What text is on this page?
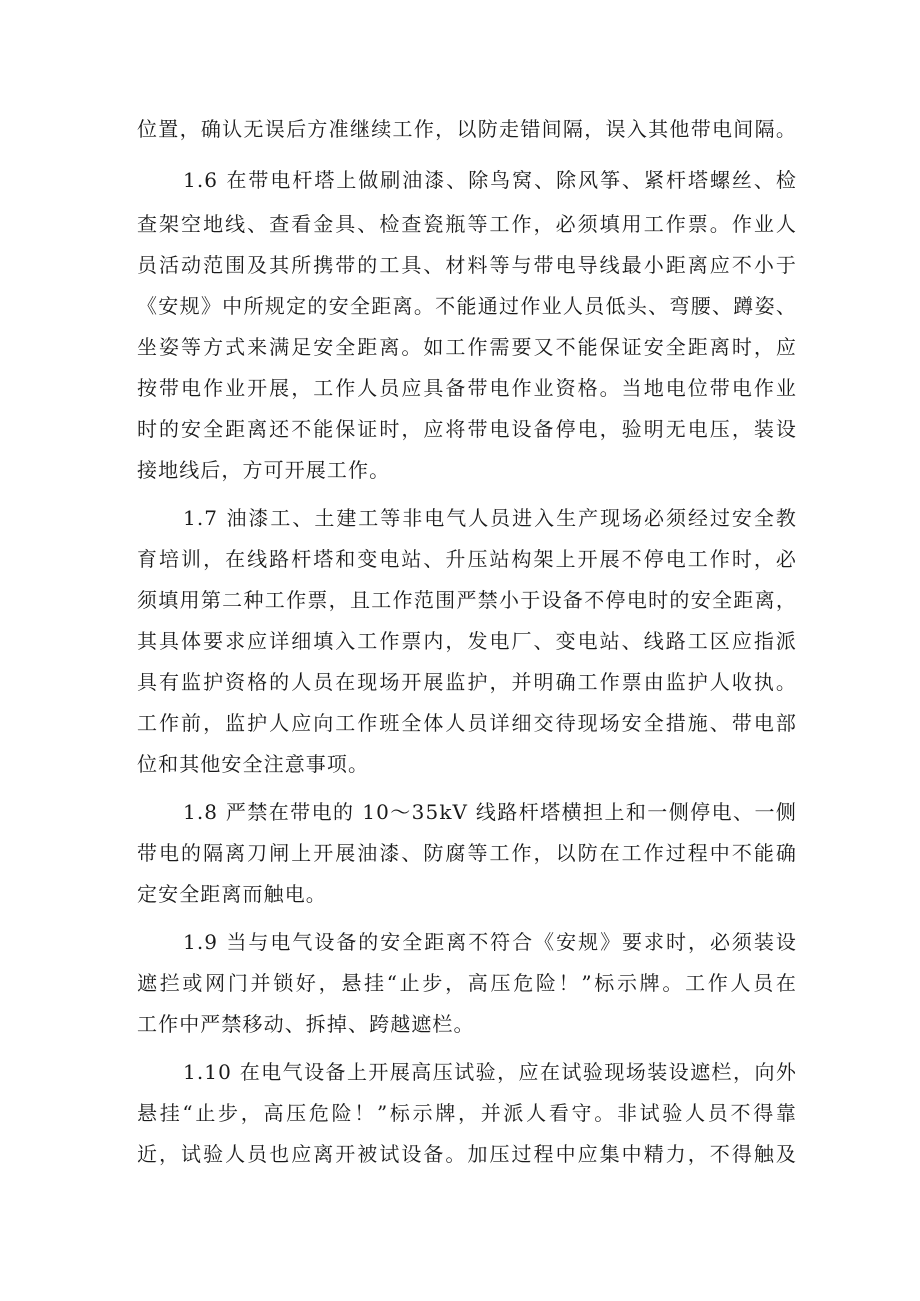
位置，确认无误后方准继续工作，以防走错间隔，误入其他带电间隔。
1.6 在带电杆塔上做刷油漆、除鸟窝、除风筝、紧杆塔螺丝、检
查架空地线、查看金具、检查瓷瓶等工作，必须填用工作票。作业人
员活动范围及其所携带的工具、材料等与带电导线最小距离应不小于
《安规》中所规定的安全距离。不能通过作业人员低头、弯腰、蹲姿、
坐姿等方式来满足安全距离。如工作需要又不能保证安全距离时，应
按带电作业开展，工作人员应具备带电作业资格。当地电位带电作业
时的安全距离还不能保证时，应将带电设备停电，验明无电压，装设
接地线后，方可开展工作。
1.7 油漆工、土建工等非电气人员进入生产现场必须经过安全教
育培训，在线路杆塔和变电站、升压站构架上开展不停电工作时，必
须填用第二种工作票，且工作范围严禁小于设备不停电时的安全距离，
其具体要求应详细填入工作票内，发电厂、变电站、线路工区应指派
具有监护资格的人员在现场开展监护，并明确工作票由监护人收执。
工作前，监护人应向工作班全体人员详细交待现场安全措施、带电部
位和其他安全注意事项。
1.8 严禁在带电的 10～35kV 线路杆塔横担上和一侧停电、一侧
带电的隔离刀闸上开展油漆、防腐等工作，以防在工作过程中不能确
定安全距离而触电。
1.9 当与电气设备的安全距离不符合《安规》要求时，必须装设
遮拦或网门并锁好，悬挂“止步，高压危险！”标示牌。工作人员在
工作中严禁移动、拆掉、跨越遮栏。
1.10 在电气设备上开展高压试验，应在试验现场装设遮栏，向外
悬挂“止步，高压危险！”标示牌，并派人看守。非试验人员不得靠
近，试验人员也应离开被试设备。加压过程中应集中精力，不得触及
